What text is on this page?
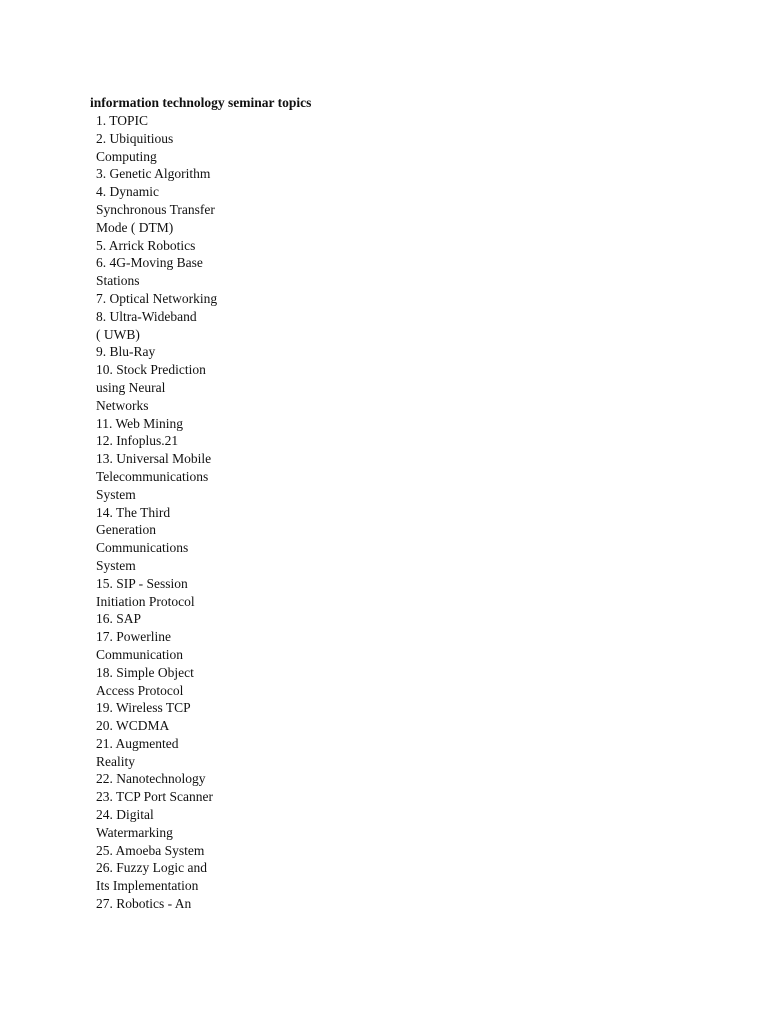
information technology seminar topics
1. TOPIC
2. Ubiquitious
Computing
3. Genetic Algorithm
4. Dynamic
Synchronous Transfer
Mode ( DTM)
5. Arrick Robotics
6. 4G-Moving Base
Stations
7. Optical Networking
8. Ultra-Wideband
( UWB)
9. Blu-Ray
10. Stock Prediction
using Neural
Networks
11. Web Mining
12. Infoplus.21
13. Universal Mobile
Telecommunications
System
14. The Third
Generation
Communications
System
15. SIP - Session
Initiation Protocol
16. SAP
17. Powerline
Communication
18. Simple Object
Access Protocol
19. Wireless TCP
20. WCDMA
21. Augmented
Reality
22. Nanotechnology
23. TCP Port Scanner
24. Digital
Watermarking
25. Amoeba System
26. Fuzzy Logic and
Its Implementation
27. Robotics - An
